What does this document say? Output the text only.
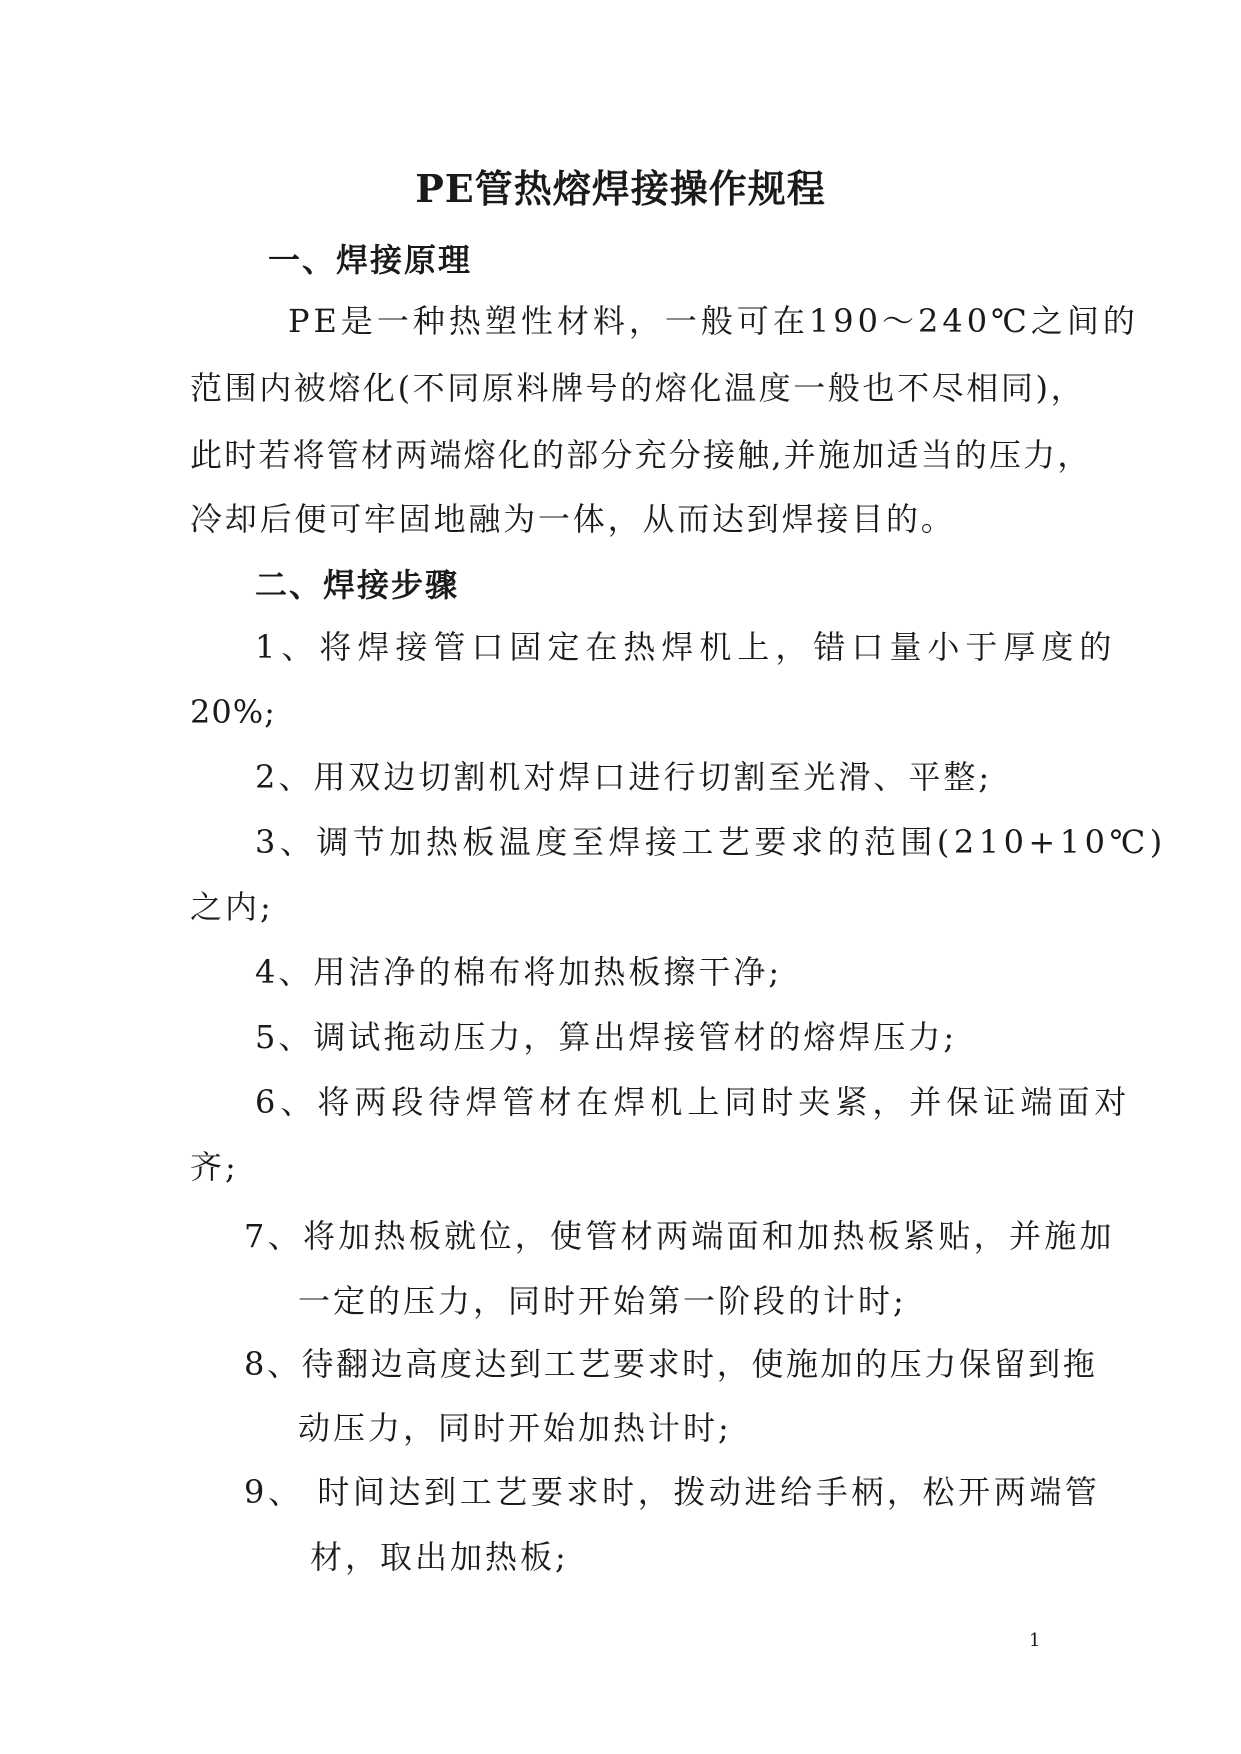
PE管热熔焊接操作规程
一、焊接原理
PE是一种热塑性材料，一般可在190～240℃之间的
范围内被熔化(不同原料牌号的熔化温度一般也不尽相同)，
此时若将管材两端熔化的部分充分接触,并施加适当的压力，
冷却后便可牢固地融为一体，从而达到焊接目的。
二、焊接步骤
1、将焊接管口固定在热焊机上，错口量小于厚度的
20%;
2、用双边切割机对焊口进行切割至光滑、平整;
3、调节加热板温度至焊接工艺要求的范围(210+10℃)
之内;
4、用洁净的棉布将加热板擦干净;
5、调试拖动压力，算出焊接管材的熔焊压力;
6、将两段待焊管材在焊机上同时夹紧，并保证端面对
齐;
7、将加热板就位，使管材两端面和加热板紧贴，并施加
一定的压力，同时开始第一阶段的计时;
8、待翻边高度达到工艺要求时，使施加的压力保留到拖
动压力，同时开始加热计时;
9、 时间达到工艺要求时，拨动进给手柄，松开两端管
材，取出加热板;
1
